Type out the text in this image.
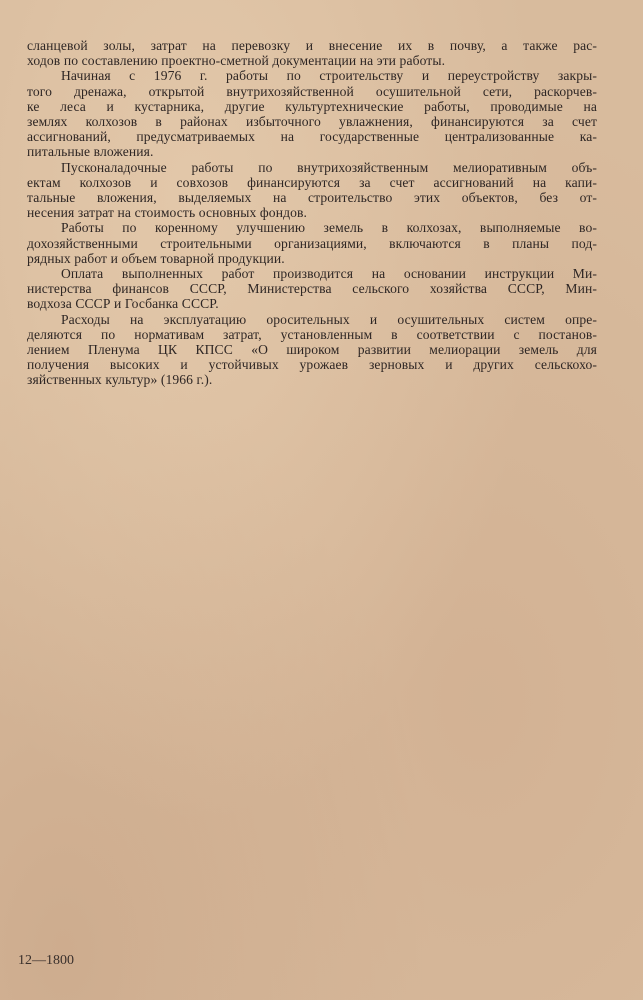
сланцевой золы, затрат на перевозку и внесение их в почву, а также рас-
ходов по составлению проектно-сметной документации на эти работы.

Начиная с 1976 г. работы по строительству и переустройству закры-
того дренажа, открытой внутрихозяйственной осушительной сети, раскорчев-
ке леса и кустарника, другие культуртехнические работы, проводимые на
землях колхозов в районах избыточного увлажнения, финансируются за счет
ассигнований, предусматриваемых на государственные централизованные ка-
питальные вложения.

Пусконаладочные работы по внутрихозяйственным мелиоративным объ-
ектам колхозов и совхозов финансируются за счет ассигнований на капи-
тальные вложения, выделяемых на строительство этих объектов, без от-
несения затрат на стоимость основных фондов.

Работы по коренному улучшению земель в колхозах, выполняемые во-
дохозяйственными строительными организациями, включаются в планы под-
рядных работ и объем товарной продукции.

Оплата выполненных работ производится на основании инструкции Ми-
нистерства финансов СССР, Министерства сельского хозяйства СССР, Мин-
водхоза СССР и Госбанка СССР.

Расходы на эксплуатацию оросительных и осушительных систем опре-
деляются по нормативам затрат, установленным в соответствии с постанов-
лением Пленума ЦК КПСС «О широком развитии мелиорации земель для
получения высоких и устойчивых урожаев зерновых и других сельскохо-
зяйственных культур» (1966 г.).

12—1800
